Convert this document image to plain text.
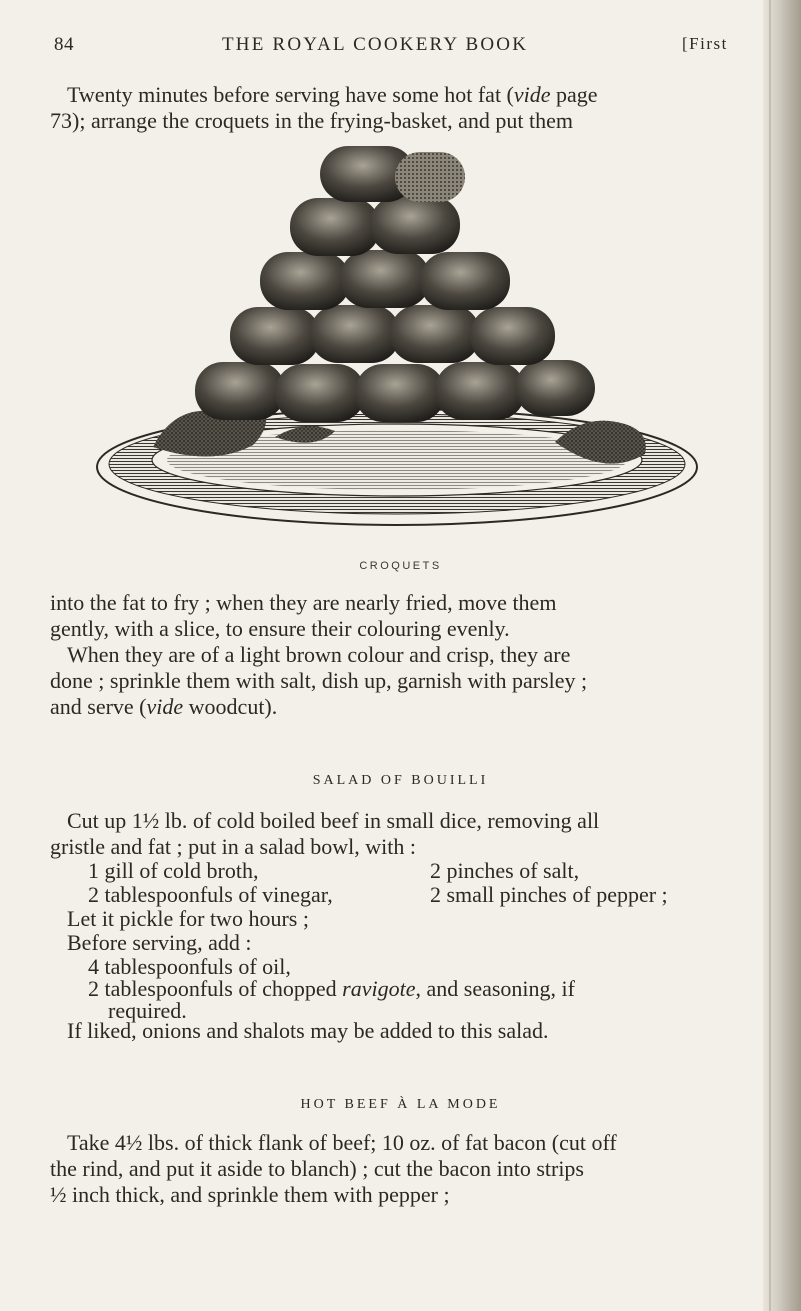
84	THE ROYAL COOKERY BOOK	[First
Twenty minutes before serving have some hot fat (vide page
73); arrange the croquets in the frying-basket, and put them
CROQUETS
into the fat to fry ; when they are nearly fried, move them
gently, with a slice, to ensure their colouring evenly.
When they are of a light brown colour and crisp, they are
done ; sprinkle them with salt, dish up, garnish with parsley ;
and serve (vide woodcut).
SALAD OF BOUILLI
Cut up 1½ lb. of cold boiled beef in small dice, removing all
gristle and fat ; put in a salad bowl, with :
1 gill of cold broth,	2 pinches of salt,
2 tablespoonfuls of vinegar,	2 small pinches of pepper ;
Let it pickle for two hours ;
Before serving, add :
4 tablespoonfuls of oil,
2 tablespoonfuls of chopped ravigote, and seasoning, if
required.
If liked, onions and shalots may be added to this salad.
HOT BEEF À LA MODE
Take 4½ lbs. of thick flank of beef; 10 oz. of fat bacon (cut off
the rind, and put it aside to blanch) ; cut the bacon into strips
½ inch thick, and sprinkle them with pepper ;
